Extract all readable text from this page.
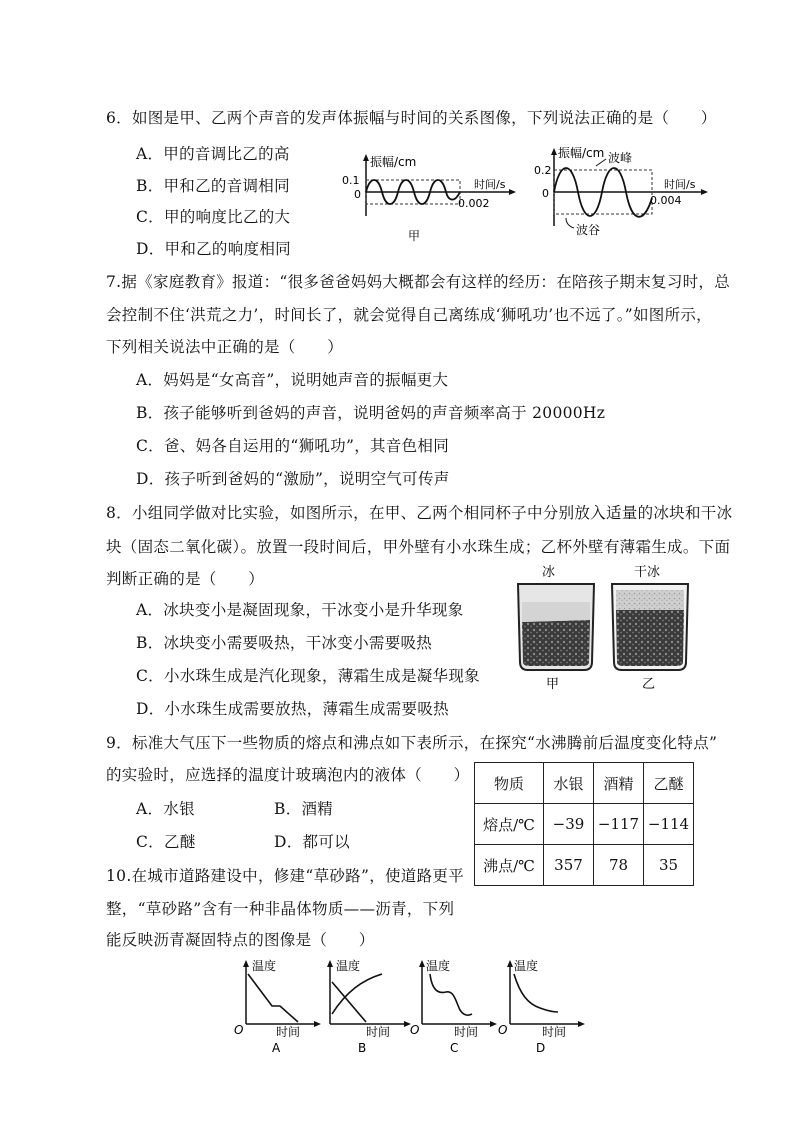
6．如图是甲、乙两个声音的发声体振幅与时间的关系图像，下列说法正确的是（　　）
A．甲的音调比乙的高
B．甲和乙的音调相同
C．甲的响度比乙的大
D．甲和乙的响度相同
振幅/cm
0.1
0
时间/s
0.002
甲
振幅/cm
0.2
0
时间/s
0.004
波峰
波谷
7.据《家庭教育》报道：“很多爸爸妈妈大概都会有这样的经历：在陪孩子期末复习时，总
会控制不住‘洪荒之力’，时间长了，就会觉得自己离练成‘狮吼功’也不远了。”如图所示，
下列相关说法中正确的是（　　）
A．妈妈是“女高音”，说明她声音的振幅更大
B．孩子能够听到爸妈的声音，说明爸妈的声音频率高于 20000Hz
C．爸、妈各自运用的“狮吼功”，其音色相同
D．孩子听到爸妈的“激励”，说明空气可传声
8．小组同学做对比实验，如图所示，在甲、乙两个相同杯子中分别放入适量的冰块和干冰
块（固态二氧化碳）。放置一段时间后，甲外壁有小水珠生成；乙杯外壁有薄霜生成。下面
判断正确的是（　　）
A．冰块变小是凝固现象，干冰变小是升华现象
B．冰块变小需要吸热，干冰变小需要吸热
C．小水珠生成是汽化现象，薄霜生成是凝华现象
D．小水珠生成需要放热，薄霜生成需要吸热
冰	干冰
甲	乙
9．标准大气压下一些物质的熔点和沸点如下表所示，在探究“水沸腾前后温度变化特点”
的实验时，应选择的温度计玻璃泡内的液体（　　）
A．水银	B．酒精
C．乙醚	D．都可以
物质	水银	酒精	乙醚
熔点/℃	−39	−117	−114
沸点/℃	357	78	35
10.在城市道路建设中，修建“草砂路”，使道路更平
整，“草砂路”含有一种非晶体物质——沥青，下列
能反映沥青凝固特点的图像是（　　）
温度
O	时间
A
温度
时间
B
温度
O	时间
C
温度
O	时间
D
